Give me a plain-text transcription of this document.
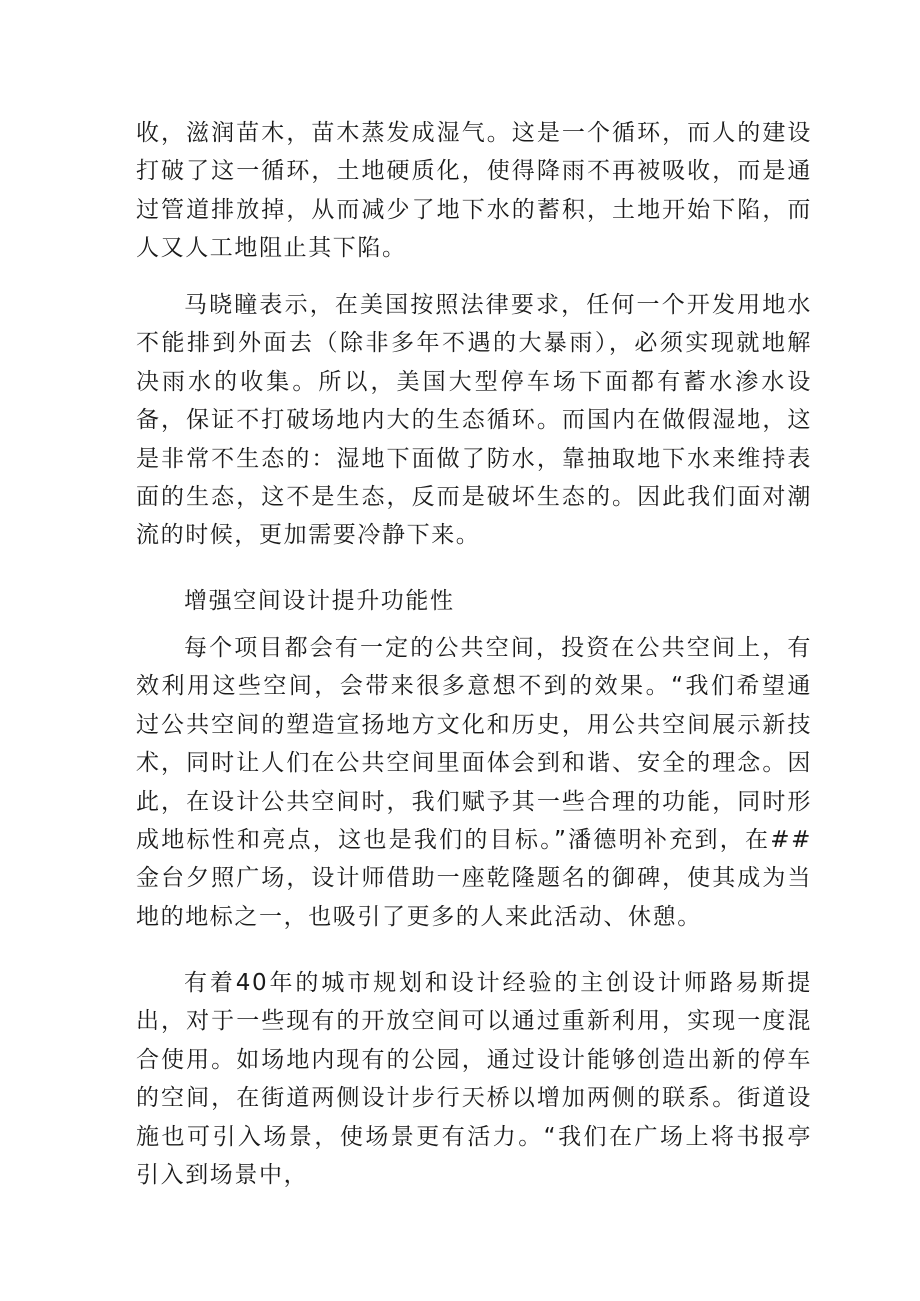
收，滋润苗木，苗木蒸发成湿气。这是一个循环，而人的建设打破了这一循环，土地硬质化，使得降雨不再被吸收，而是通过管道排放掉，从而减少了地下水的蓄积，土地开始下陷，而人又人工地阻止其下陷。

马晓瞳表示，在美国按照法律要求，任何一个开发用地水不能排到外面去（除非多年不遇的大暴雨），必须实现就地解决雨水的收集。所以，美国大型停车场下面都有蓄水渗水设备，保证不打破场地内大的生态循环。而国内在做假湿地，这是非常不生态的：湿地下面做了防水，靠抽取地下水来维持表面的生态，这不是生态，反而是破坏生态的。因此我们面对潮流的时候，更加需要冷静下来。

增强空间设计提升功能性

每个项目都会有一定的公共空间，投资在公共空间上，有效利用这些空间，会带来很多意想不到的效果。“我们希望通过公共空间的塑造宣扬地方文化和历史，用公共空间展示新技术，同时让人们在公共空间里面体会到和谐、安全的理念。因此，在设计公共空间时，我们赋予其一些合理的功能，同时形成地标性和亮点，这也是我们的目标。”潘德明补充到，在##金台夕照广场，设计师借助一座乾隆题名的御碑，使其成为当地的地标之一，也吸引了更多的人来此活动、休憩。

有着40年的城市规划和设计经验的主创设计师路易斯提出，对于一些现有的开放空间可以通过重新利用，实现一度混合使用。如场地内现有的公园，通过设计能够创造出新的停车的空间，在街道两侧设计步行天桥以增加两侧的联系。街道设施也可引入场景，使场景更有活力。“我们在广场上将书报亭引入到场景中，
